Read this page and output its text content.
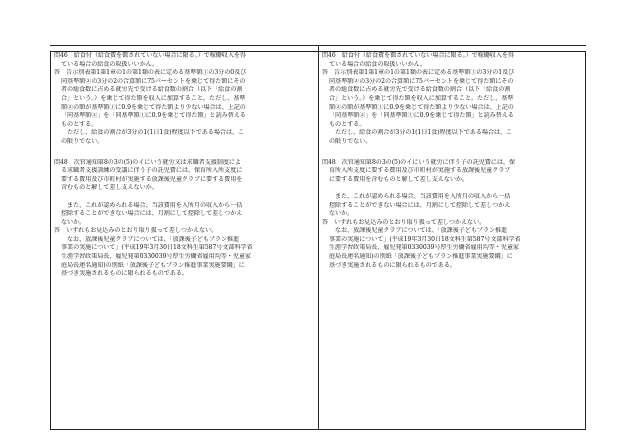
問46　給食付（給食費を徴されていない場合に限る。）で稼働収入を得
ている場合の給食の取扱いいかん。
答　告示別表第1第1章の1の第1類の表に定める基準額①の3分の0及び
同基準額②の3分の2の合算額に75パーセントを乗じて得た額にその
者の総食数に占める就労先で受ける給食数の割合（以下「給食の割
合」という。）を乗じて得た額を収入に加算すること。ただし、基準
額②の額が基準額①に0.9を乗じて得た額より少ない場合は、上記の
「同基準額②」を「同基準額①に0.9を乗じて得た額」と読み替える
ものとする。
ただし、給食の割合が3分の1(1日1食)程度以下である場合は、こ
の限りでない。
問48　次官通知第8の3の(5)のイにいう就労又は求職者支援制度によ
る求職者支援訓練の受講に伴う子の託児費には、保育所入所支度に
要する費用及び市町村が実施する放課後児童クラブに要する費用を
含むものと解して差し支えないか。
また、これが認められる場合、当該費用を入所月の収入から一括
控除することができない場合には、月割にして控除して差しつかえ
ないか。
答　いずれもお見込みのとおり取り扱って差しつかえない。
なお、放課後児童クラブについては、「放課後子どもプラン推進
事業の実施について」(平成19年3月30日18文科生第587号文部科学省
生涯学習政策局長、雇児発第0330039号厚生労働省雇用均等・児童家
庭局長連名通知)の別紙「放課後子どもプラン推進事業実施要綱」に
基づき実施されるものに限られるものである。
問46　給食付（給食費を徴されていない場合に限る。）で稼働収入を得
ている場合の給食の取扱いいかん。
答　告示別表第1第1章の1の第1類の表に定める基準額①の3分の1及び
同基準額②の3分の2の合算額に75パーセントを乗じて得た額にその
者の総食数に占める就労先で受ける給食数の割合（以下「給食の割
合」という。）を乗じて得た額を収入に加算すること。ただし、基準
額②の額が基準額①に0.9を乗じて得た額より少ない場合は、上記の
「同基準額②」を「同基準額①に0.9を乗じて得た額」と読み替える
ものとする。
ただし、給食の割合が3分の1(1日1食)程度以下である場合は、こ
の限りでない。
問48　次官通知第8の3の(5)のイにいう就労に伴う子の託児費には、保
育所入所支度に要する費用及び市町村が実施する放課後児童クラブ
に要する費用を含むものと解して差し支えないか。
また、これが認められる場合、当該費用を入所月の収入から一括
控除することができない場合には、月割にして控除して差しつかえ
ないか。
答　いずれもお見込みのとおり取り扱って差しつかえない。
なお、放課後児童クラブについては、「放課後子どもプラン推進
事業の実施について」(平成19年3月30日18文科生第587号文部科学省
生涯学習政策局長、雇児発第0330039号厚生労働省雇用均等・児童家
庭局長連名通知)の別紙「放課後子どもプラン推進事業実施要綱」に
基づき実施されるものに限られるものである。
